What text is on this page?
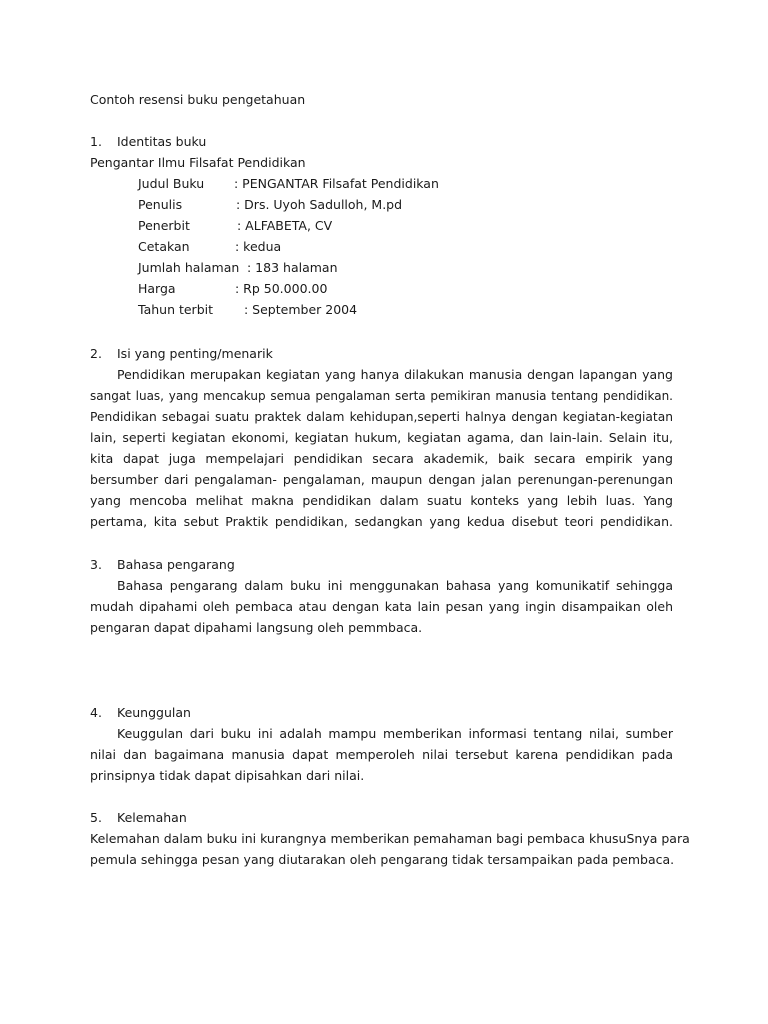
Contoh resensi buku pengetahuan

1. Identitas buku

Pengantar Ilmu Filsafat Pendidikan

Judul Buku : PENGANTAR Filsafat Pendidikan
Penulis	: Drs. Uyoh Sadulloh, M.pd
Penerbit	: ALFABETA, CV
Cetakan	: kedua
Jumlah halaman : 183 halaman
Harga	: Rp 50.000.00
Tahun terbit : September 2004

2. Isi yang penting/menarik

Pendidikan merupakan kegiatan yang hanya dilakukan manusia dengan lapangan yang

sangat luas, yang mencakup semua pengalaman serta pemikiran manusia tentang pendidikan.

Pendidikan sebagai suatu praktek dalam kehidupan,seperti halnya dengan kegiatan-kegiatan

lain, seperti kegiatan ekonomi, kegiatan hukum, kegiatan agama, dan lain-lain. Selain itu,

kita dapat juga mempelajari pendidikan secara akademik, baik secara empirik yang

bersumber dari pengalaman- pengalaman, maupun dengan jalan perenungan-perenungan

yang mencoba melihat makna pendidikan dalam suatu konteks yang lebih luas. Yang

pertama, kita sebut Praktik pendidikan, sedangkan yang kedua disebut teori pendidikan.

3. Bahasa pengarang

Bahasa pengarang dalam buku ini menggunakan bahasa yang komunikatif sehingga

mudah dipahami oleh pembaca atau dengan kata lain pesan yang ingin disampaikan oleh

pengaran dapat dipahami langsung oleh pemmbaca.

4. Keunggulan

Keuggulan dari buku ini adalah mampu memberikan informasi tentang nilai, sumber

nilai dan bagaimana manusia dapat memperoleh nilai tersebut karena pendidikan pada

prinsipnya tidak dapat dipisahkan dari nilai.

5. Kelemahan

Kelemahan dalam buku ini kurangnya memberikan pemahaman bagi pembaca khusuSnya para

pemula sehingga pesan yang diutarakan oleh pengarang tidak tersampaikan pada pembaca.
